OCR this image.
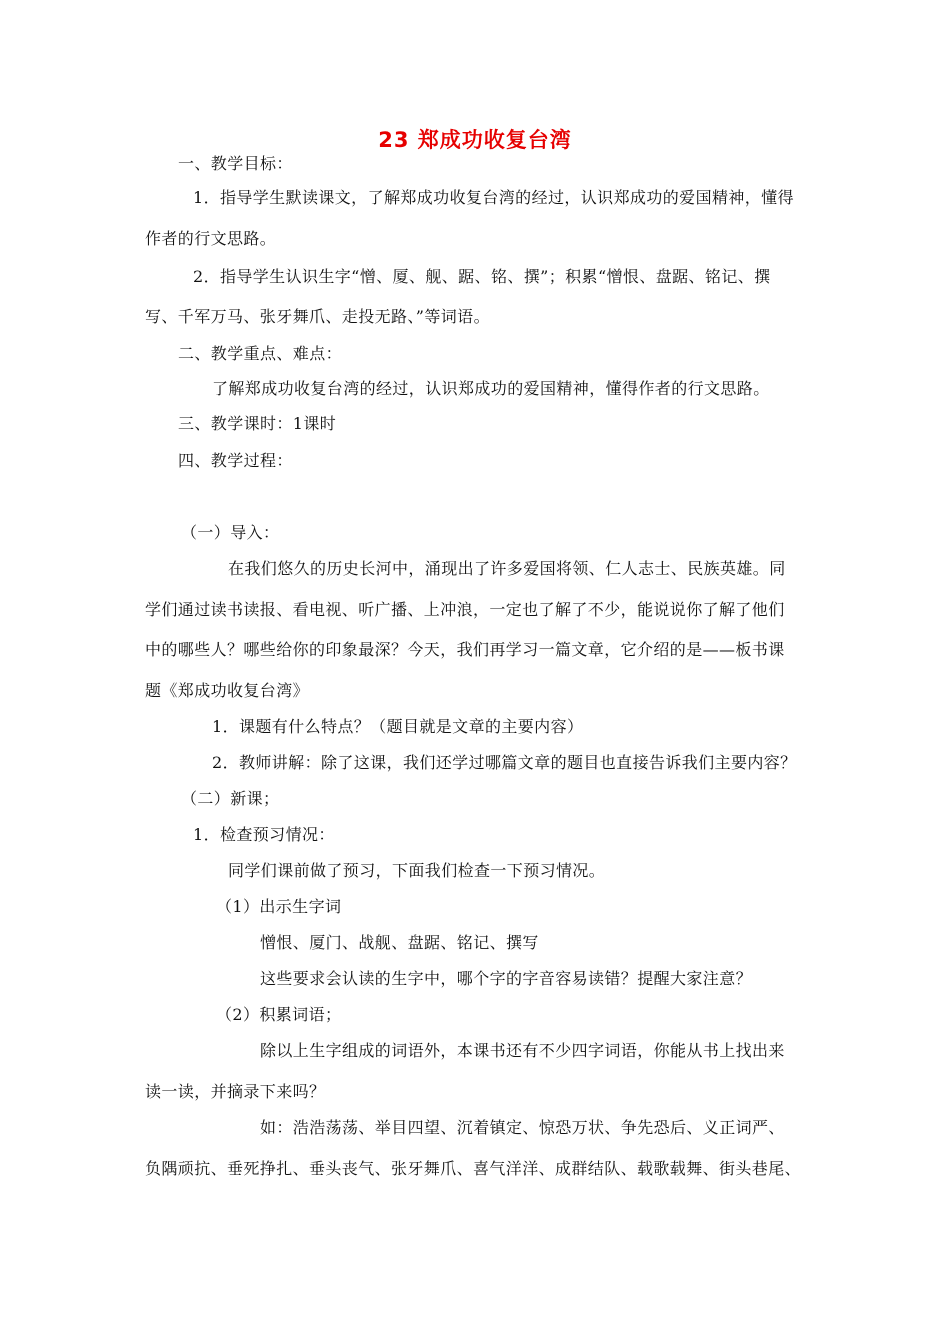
23 郑成功收复台湾
一、教学目标：
1．指导学生默读课文，了解郑成功收复台湾的经过，认识郑成功的爱国精神，懂得
作者的行文思路。
2．指导学生认识生字“憎、厦、舰、踞、铭、撰”；积累“憎恨、盘踞、铭记、撰
写、千军万马、张牙舞爪、走投无路、”等词语。
二、教学重点、难点：
了解郑成功收复台湾的经过，认识郑成功的爱国精神，懂得作者的行文思路。
三、教学课时：1课时
四、教学过程：
（一）导入：
在我们悠久的历史长河中，涌现出了许多爱国将领、仁人志士、民族英雄。同
学们通过读书读报、看电视、听广播、上冲浪，一定也了解了不少，能说说你了解了他们
中的哪些人？哪些给你的印象最深？今天，我们再学习一篇文章，它介绍的是——板书课
题《郑成功收复台湾》
1．课题有什么特点？（题目就是文章的主要内容）
2．教师讲解：除了这课，我们还学过哪篇文章的题目也直接告诉我们主要内容？
（二）新课；
1．检查预习情况：
同学们课前做了预习，下面我们检查一下预习情况。
（1）出示生字词
憎恨、厦门、战舰、盘踞、铭记、撰写
这些要求会认读的生字中，哪个字的字音容易读错？提醒大家注意？
（2）积累词语；
除以上生字组成的词语外，本课书还有不少四字词语，你能从书上找出来
读一读，并摘录下来吗？
如：浩浩荡荡、举目四望、沉着镇定、惊恐万状、争先恐后、义正词严、
负隅顽抗、垂死挣扎、垂头丧气、张牙舞爪、喜气洋洋、成群结队、载歌载舞、街头巷尾、
